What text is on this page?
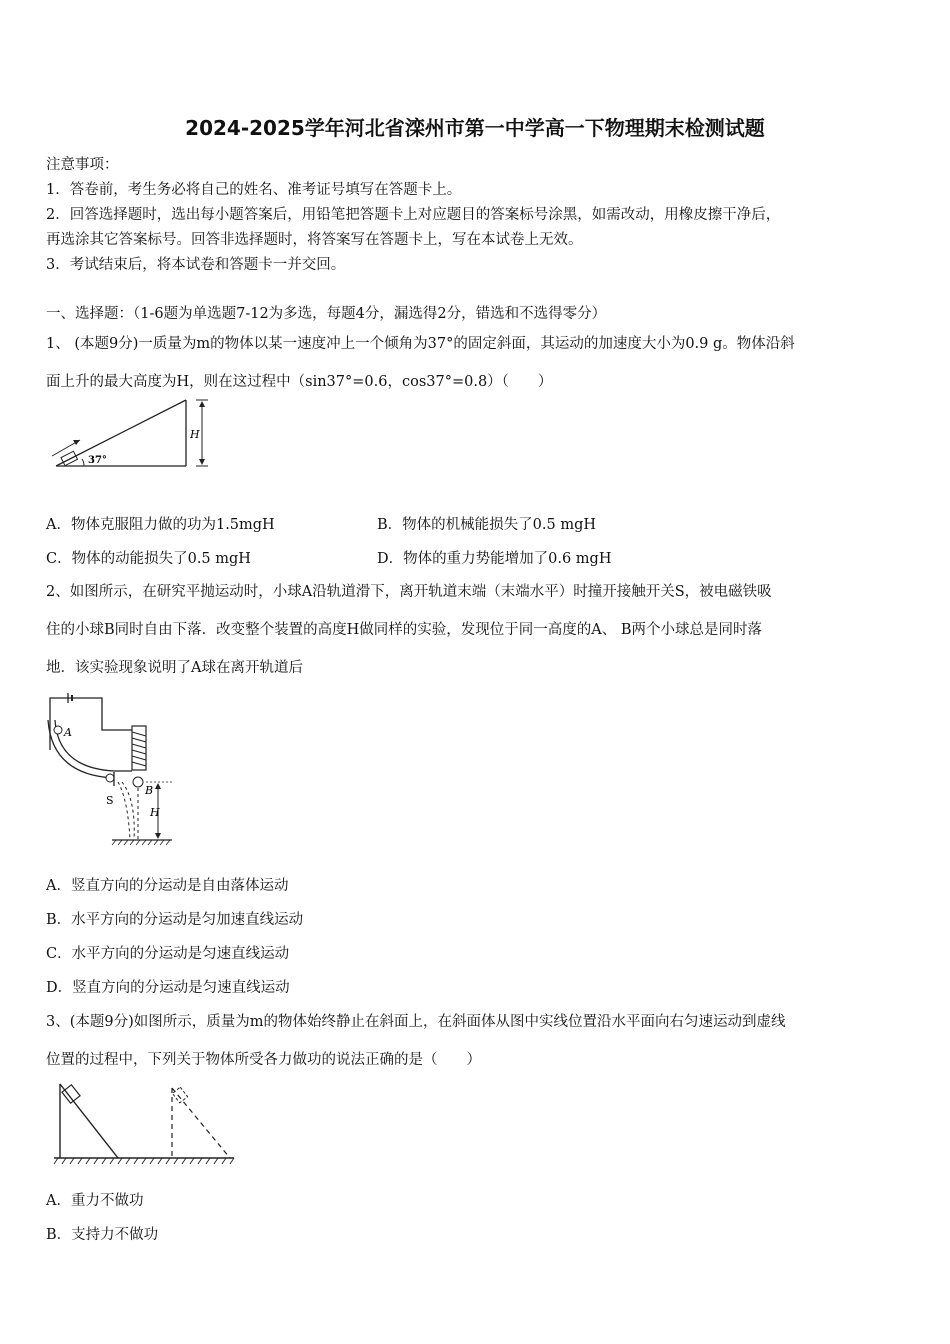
2024-2025学年河北省滦州市第一中学高一下物理期末检测试题
注意事项：
1．答卷前，考生务必将自己的姓名、准考证号填写在答题卡上。
2．回答选择题时，选出每小题答案后，用铅笔把答题卡上对应题目的答案标号涂黑，如需改动，用橡皮擦干净后，
再选涂其它答案标号。回答非选择题时，将答案写在答题卡上，写在本试卷上无效。
3．考试结束后，将本试卷和答题卡一并交回。
一、选择题：（1-6题为单选题7-12为多选，每题4分，漏选得2分，错选和不选得零分）
1、 (本题9分)一质量为m的物体以某一速度冲上一个倾角为37°的固定斜面，其运动的加速度大小为0.9 g。物体沿斜
面上升的最大高度为H，则在这过程中（sin37°=0.6，cos37°=0.8）（　　）
37°
H
A．物体克服阻力做的功为1.5mgH	B．物体的机械能损失了0.5 mgH
C．物体的动能损失了0.5 mgH	D．物体的重力势能增加了0.6 mgH
2、如图所示，在研究平抛运动时，小球A沿轨道滑下，离开轨道末端（末端水平）时撞开接触开关S，被电磁铁吸
住的小球B同时自由下落．改变整个装置的高度H做同样的实验，发现位于同一高度的A、 B两个小球总是同时落
地．该实验现象说明了A球在离开轨道后
A
B
S
H
A．竖直方向的分运动是自由落体运动
B．水平方向的分运动是匀加速直线运动
C．水平方向的分运动是匀速直线运动
D．竖直方向的分运动是匀速直线运动
3、(本题9分)如图所示，质量为m的物体始终静止在斜面上，在斜面体从图中实线位置沿水平面向右匀速运动到虚线
位置的过程中，下列关于物体所受各力做功的说法正确的是（　　）
A．重力不做功
B．支持力不做功
